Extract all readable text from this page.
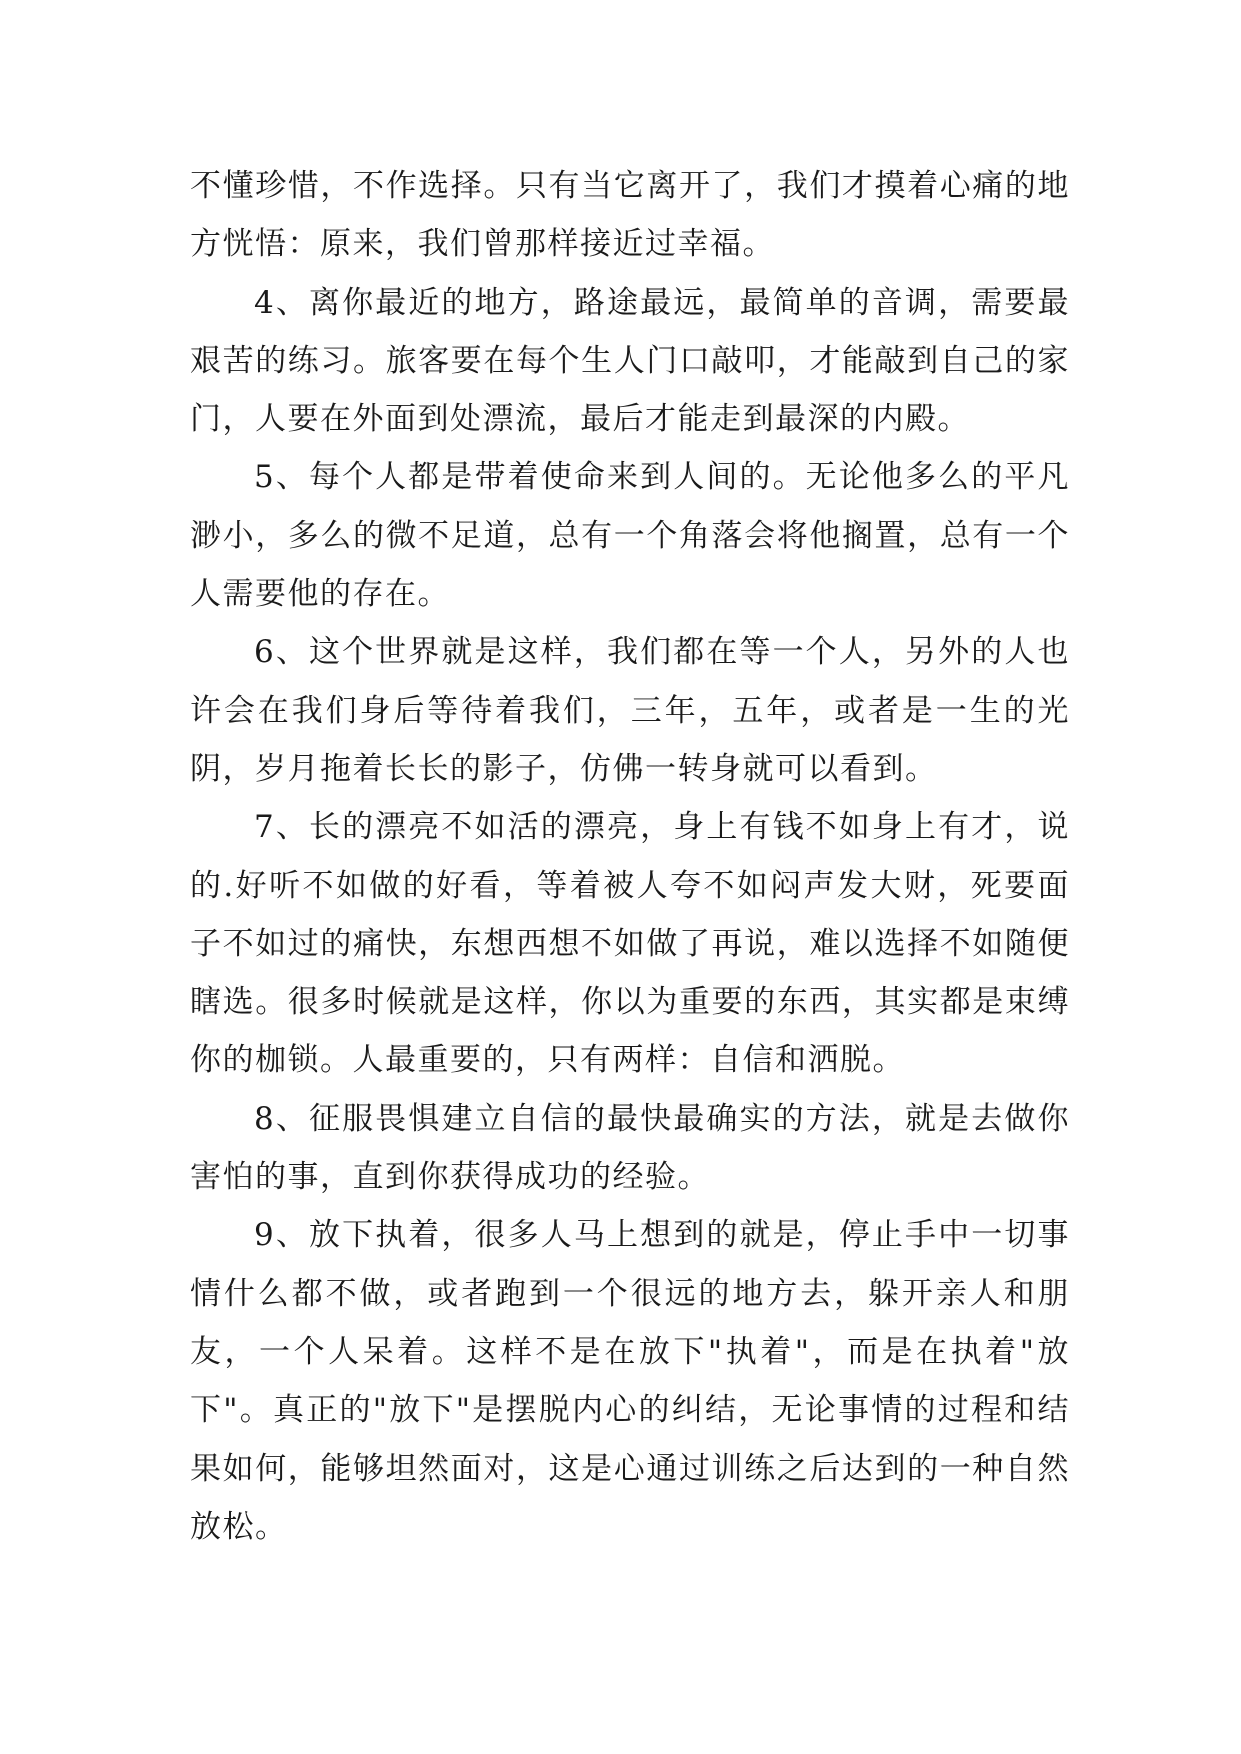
不懂珍惜，不作选择。只有当它离开了，我们才摸着心痛的地方恍悟：原来，我们曾那样接近过幸福。

4、离你最近的地方，路途最远，最简单的音调，需要最艰苦的练习。旅客要在每个生人门口敲叩，才能敲到自己的家门，人要在外面到处漂流，最后才能走到最深的内殿。

5、每个人都是带着使命来到人间的。无论他多么的平凡渺小，多么的微不足道，总有一个角落会将他搁置，总有一个人需要他的存在。

6、这个世界就是这样，我们都在等一个人，另外的人也许会在我们身后等待着我们，三年，五年，或者是一生的光阴，岁月拖着长长的影子，仿佛一转身就可以看到。

7、长的漂亮不如活的漂亮，身上有钱不如身上有才，说的.好听不如做的好看，等着被人夸不如闷声发大财，死要面子不如过的痛快，东想西想不如做了再说，难以选择不如随便瞎选。很多时候就是这样，你以为重要的东西，其实都是束缚你的枷锁。人最重要的，只有两样：自信和洒脱。

8、征服畏惧建立自信的最快最确实的方法，就是去做你害怕的事，直到你获得成功的经验。

9、放下执着，很多人马上想到的就是，停止手中一切事情什么都不做，或者跑到一个很远的地方去，躲开亲人和朋友，一个人呆着。这样不是在放下"执着"，而是在执着"放下"。真正的"放下"是摆脱内心的纠结，无论事情的过程和结果如何，能够坦然面对，这是心通过训练之后达到的一种自然放松。
